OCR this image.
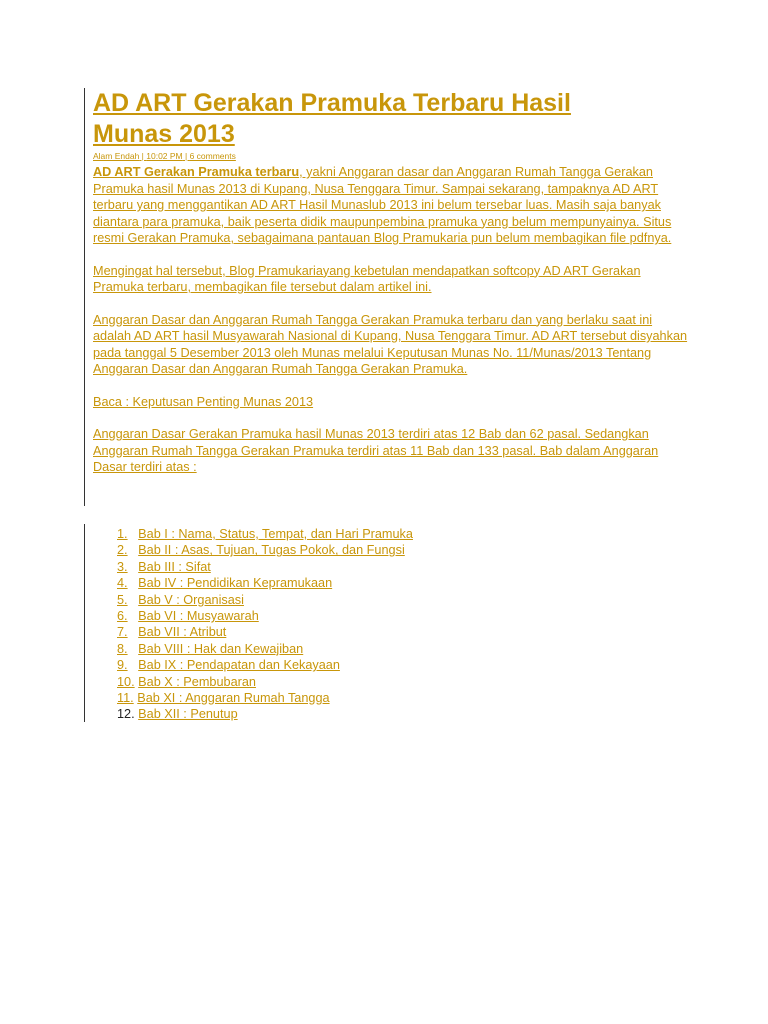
AD ART Gerakan Pramuka Terbaru Hasil Munas 2013
Alam Endah | 10:02 PM | 6 comments

AD ART Gerakan Pramuka terbaru, yakni Anggaran dasar dan Anggaran Rumah Tangga Gerakan Pramuka hasil Munas 2013 di Kupang, Nusa Tenggara Timur. Sampai sekarang, tampaknya AD ART terbaru yang menggantikan AD ART Hasil Munaslub 2013 ini belum tersebar luas. Masih saja banyak diantara para pramuka, baik peserta didik maupunpembina pramuka yang belum mempunyainya. Situs resmi Gerakan Pramuka, sebagaimana pantauan Blog Pramukaria pun belum membagikan file pdfnya.

Mengingat hal tersebut, Blog Pramukariayang kebetulan mendapatkan softcopy AD ART Gerakan Pramuka terbaru, membagikan file tersebut dalam artikel ini.

Anggaran Dasar dan Anggaran Rumah Tangga Gerakan Pramuka terbaru dan yang berlaku saat ini adalah AD ART hasil Musyawarah Nasional di Kupang, Nusa Tenggara Timur. AD ART tersebut disyahkan pada tanggal 5 Desember 2013 oleh Munas melalui Keputusan Munas No. 11/Munas/2013 Tentang Anggaran Dasar dan Anggaran Rumah Tangga Gerakan Pramuka.

Baca : Keputusan Penting Munas 2013

Anggaran Dasar Gerakan Pramuka hasil Munas 2013 terdiri atas 12 Bab dan 62 pasal. Sedangkan Anggaran Rumah Tangga Gerakan Pramuka terdiri atas 11 Bab dan 133 pasal. Bab dalam Anggaran Dasar terdiri atas :

1. Bab I : Nama, Status, Tempat, dan Hari Pramuka
2. Bab II : Asas, Tujuan, Tugas Pokok, dan Fungsi
3. Bab III : Sifat
4. Bab IV : Pendidikan Kepramukaan
5. Bab V : Organisasi
6. Bab VI : Musyawarah
7. Bab VII : Atribut
8. Bab VIII : Hak dan Kewajiban
9. Bab IX : Pendapatan dan Kekayaan
10. Bab X : Pembubaran
11. Bab XI : Anggaran Rumah Tangga
12. Bab XII : Penutup
